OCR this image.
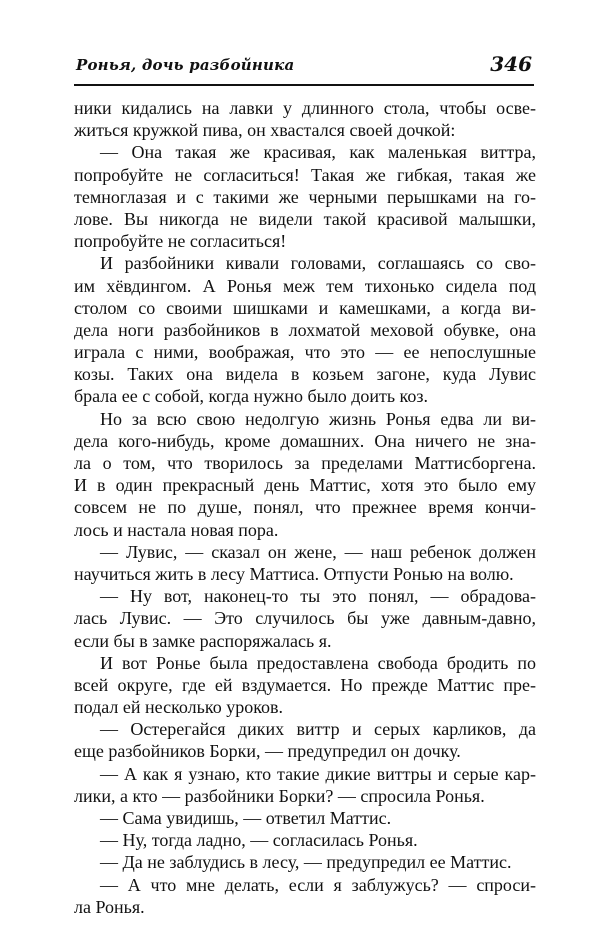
Ронья, дочь разбойника	346
ники кидались на лавки у длинного стола, чтобы осве-
житься кружкой пива, он хвастался своей дочкой:
— Она такая же красивая, как маленькая виттра,
попробуйте не согласиться! Такая же гибкая, такая же
темноглазая и с такими же черными перышками на го-
лове. Вы никогда не видели такой красивой малышки,
попробуйте не согласиться!
И разбойники кивали головами, соглашаясь со сво-
им хёвдингом. А Ронья меж тем тихонько сидела под
столом со своими шишками и камешками, а когда ви-
дела ноги разбойников в лохматой меховой обувке, она
играла с ними, воображая, что это — ее непослушные
козы. Таких она видела в козьем загоне, куда Лувис
брала ее с собой, когда нужно было доить коз.
Но за всю свою недолгую жизнь Ронья едва ли ви-
дела кого-нибудь, кроме домашних. Она ничего не зна-
ла о том, что творилось за пределами Маттисборгена.
И в один прекрасный день Маттис, хотя это было ему
совсем не по душе, понял, что прежнее время кончи-
лось и настала новая пора.
— Лувис, — сказал он жене, — наш ребенок должен
научиться жить в лесу Маттиса. Отпусти Ронью на волю.
— Ну вот, наконец-то ты это понял, — обрадова-
лась Лувис. — Это случилось бы уже давным-давно,
если бы в замке распоряжалась я.
И вот Ронье была предоставлена свобода бродить по
всей округе, где ей вздумается. Но прежде Маттис пре-
подал ей несколько уроков.
— Остерегайся диких виттр и серых карликов, да
еще разбойников Борки, — предупредил он дочку.
— А как я узнаю, кто такие дикие виттры и серые кар-
лики, а кто — разбойники Борки? — спросила Ронья.
— Сама увидишь, — ответил Маттис.
— Ну, тогда ладно, — согласилась Ронья.
— Да не заблудись в лесу, — предупредил ее Маттис.
— А что мне делать, если я заблужусь? — спроси-
ла Ронья.
